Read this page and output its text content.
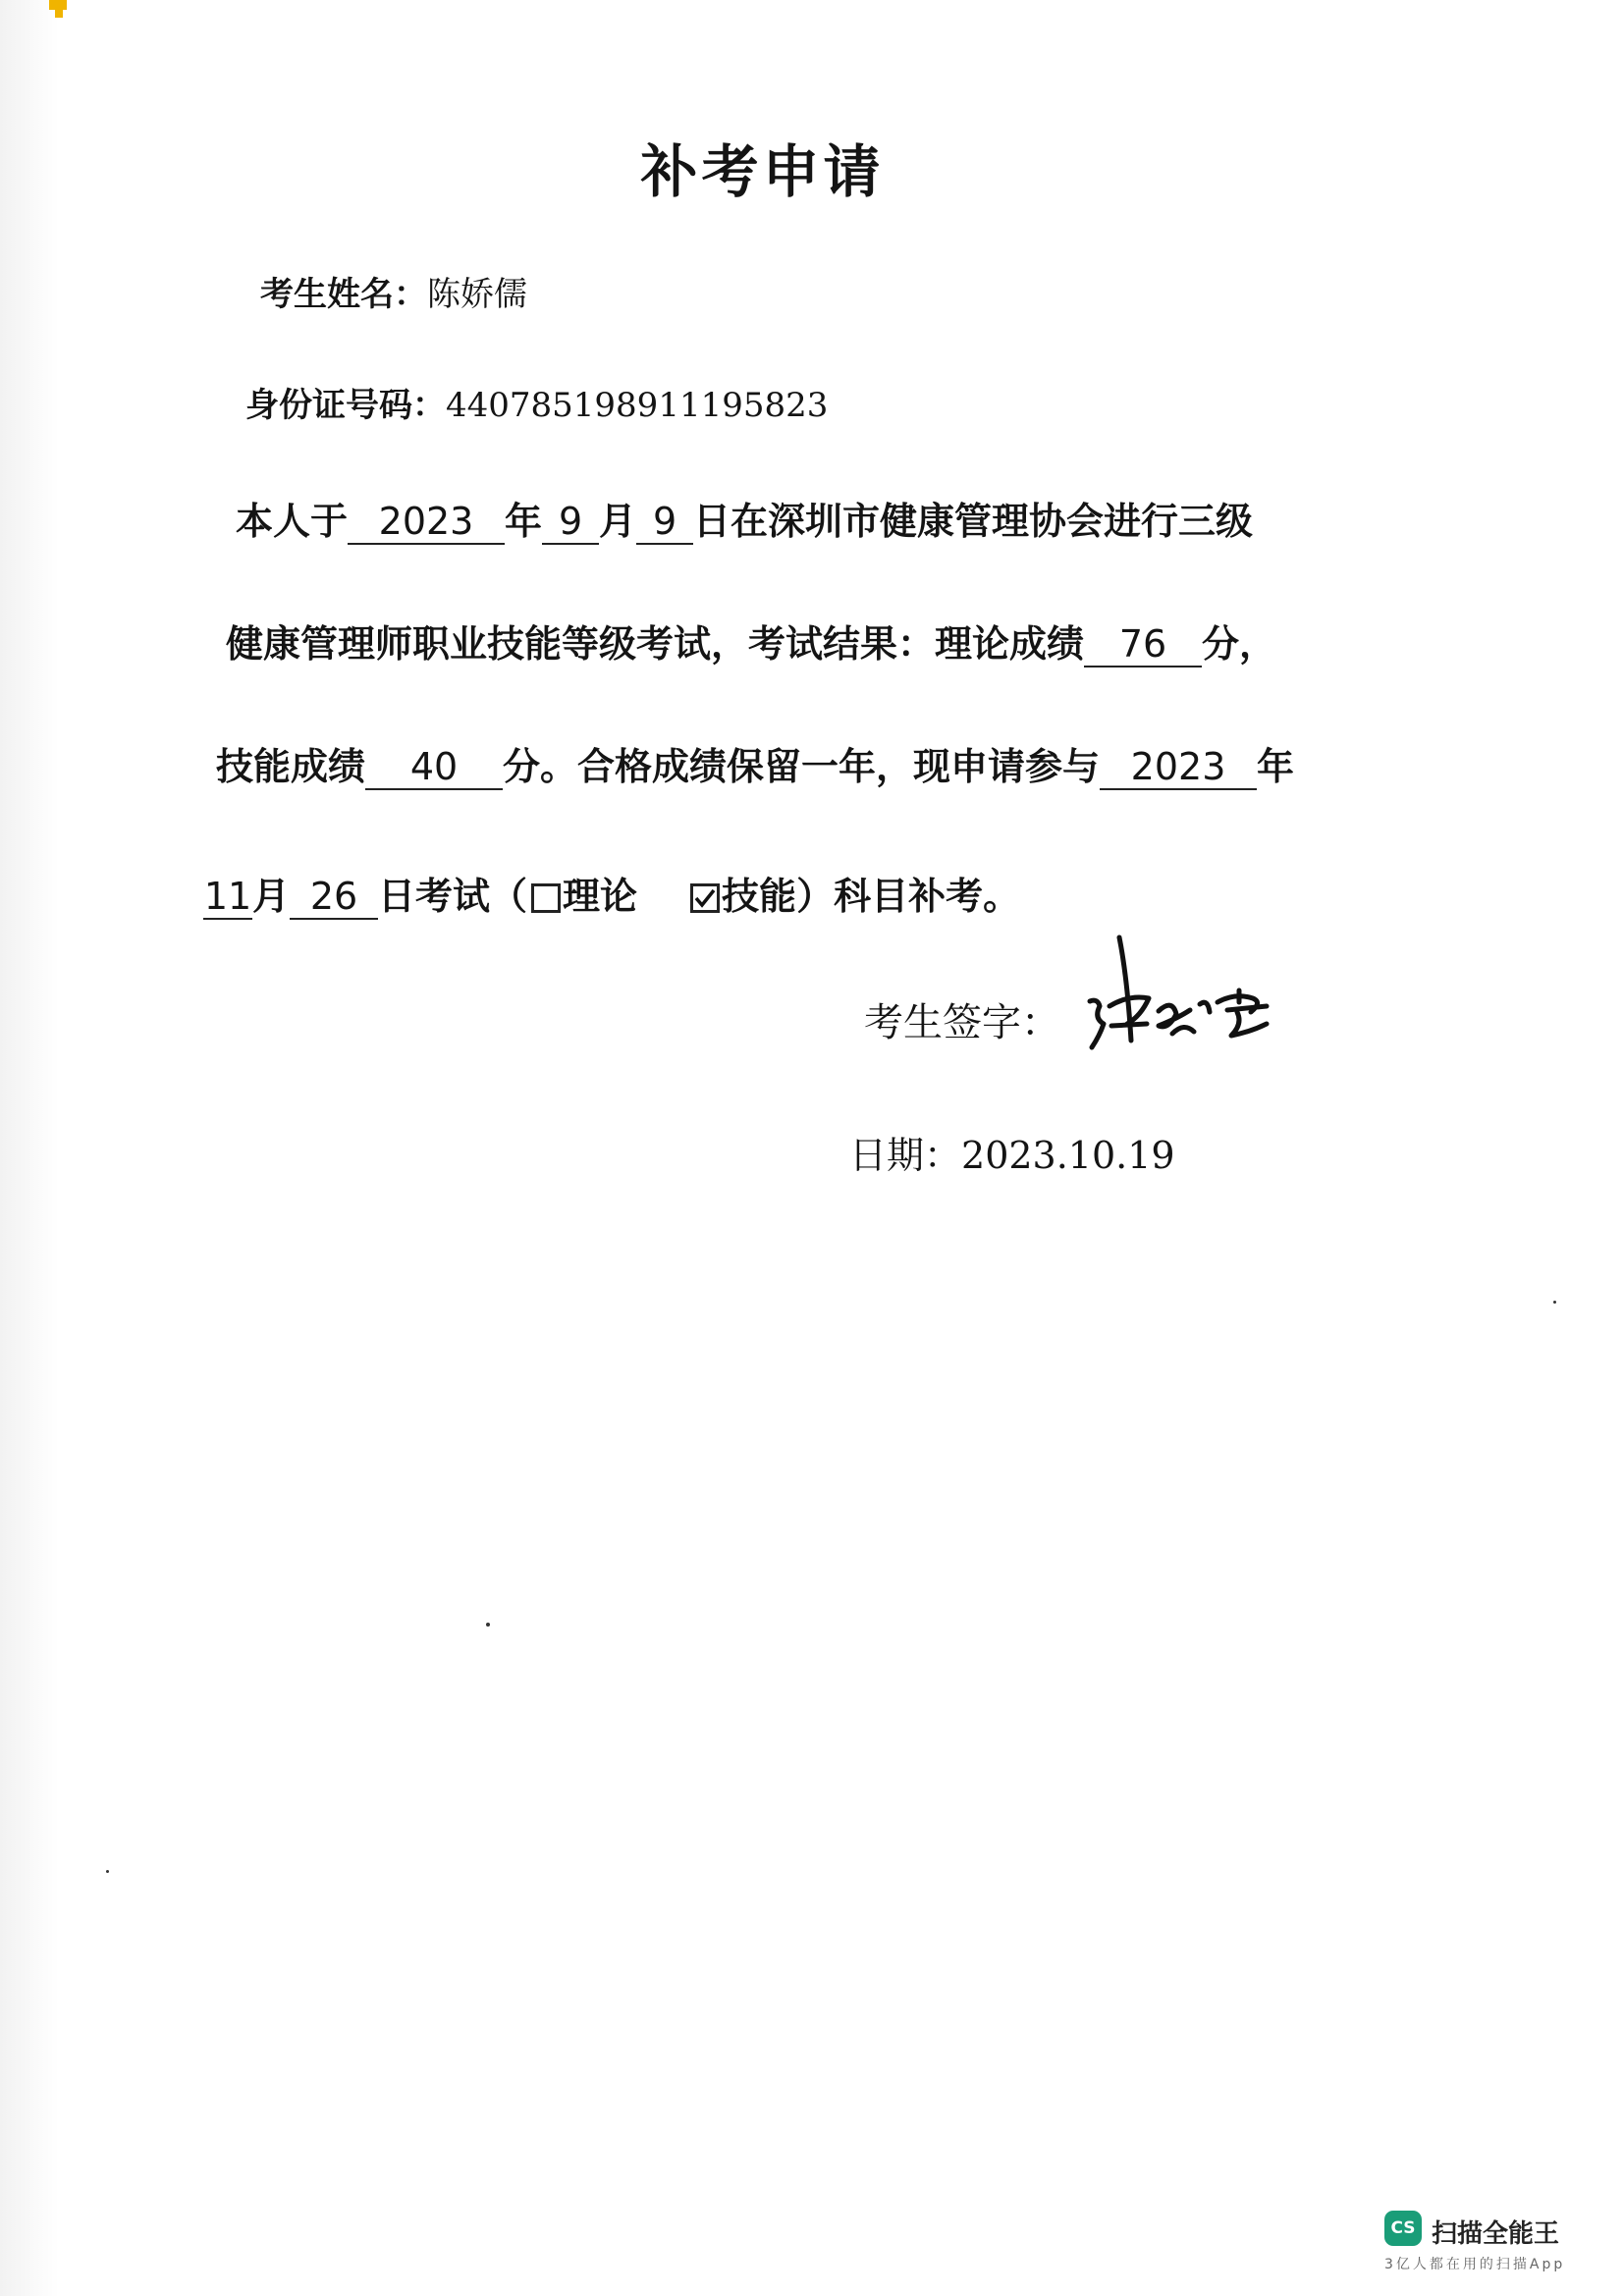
补考申请
考生姓名：陈娇儒
身份证号码：440785198911195823
本人于 2023 年 9 月 9 日在深圳市健康管理协会进行三级
健康管理师职业技能等级考试，考试结果：理论成绩 76 分，
技能成绩 40 分。合格成绩保留一年，现申请参与 2023 年
11月 26 日考试（ 理论 技能）科目补考。
考生签字：
日期：2023.10.19
CS 扫描全能王
3亿人都在用的扫描App
